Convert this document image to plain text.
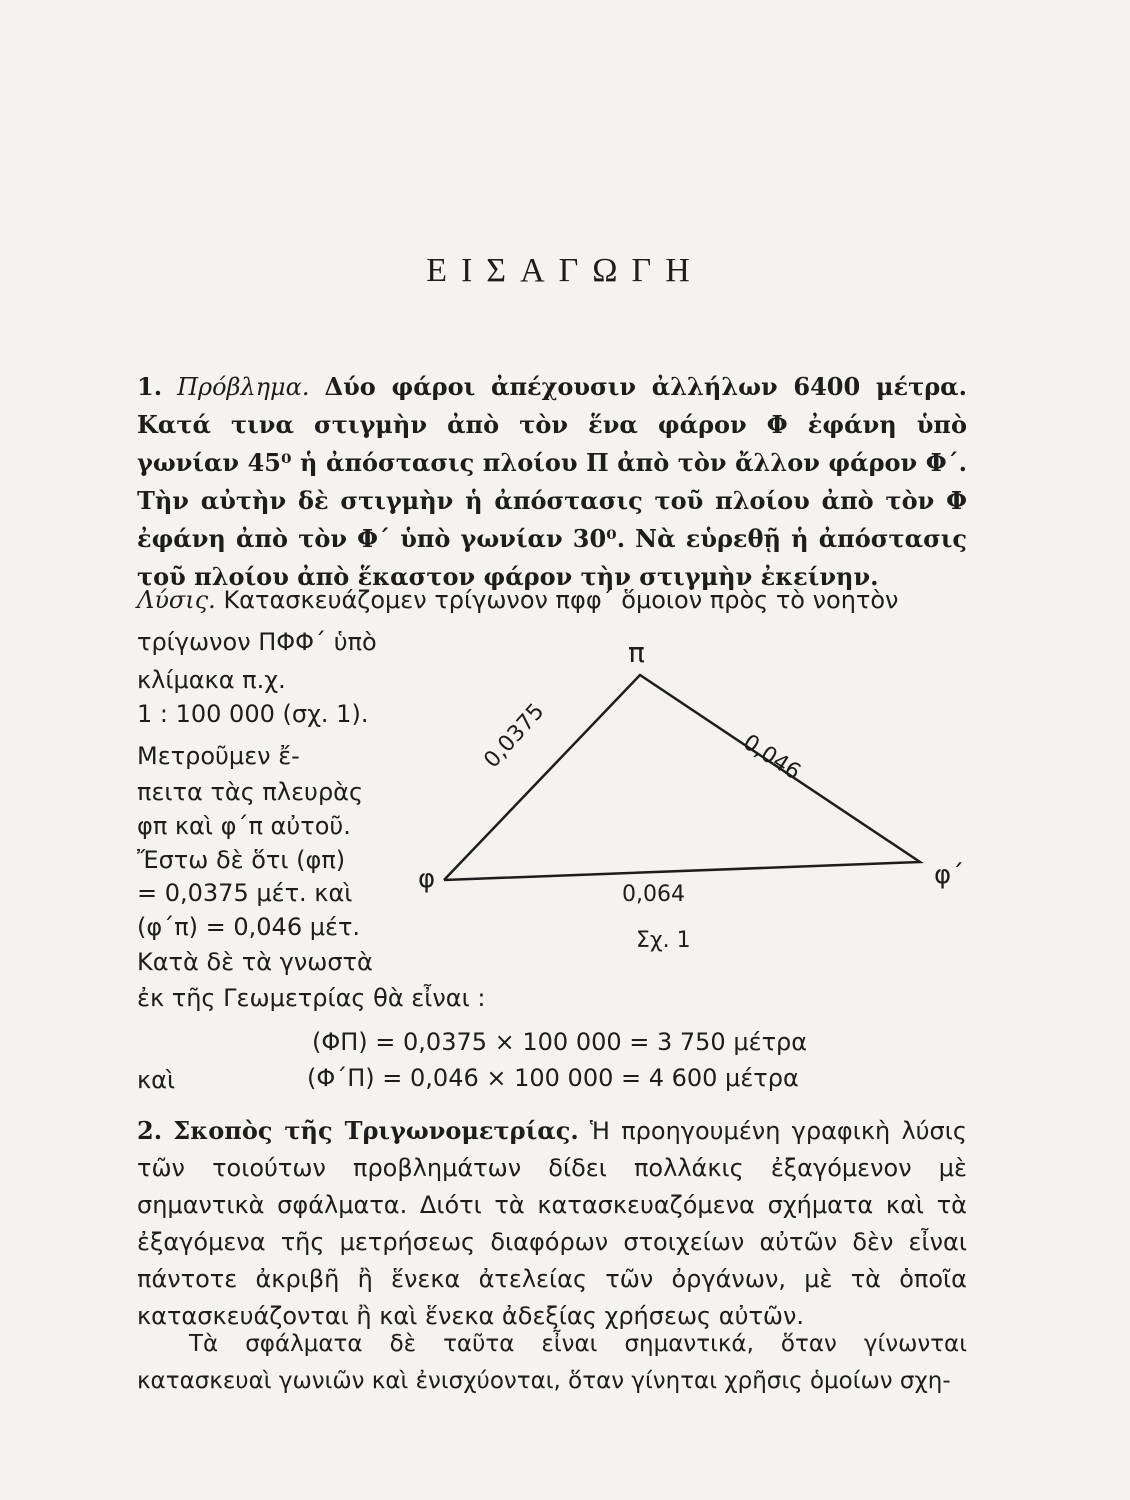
ΕΙΣΑΓΩΓΗ
1. Πρόβλημα. Δύο φάροι ἀπέχουσιν ἀλλήλων 6400 μέτρα. Κατά τινα στιγμὴν ἀπὸ τὸν ἕνα φάρον Φ ἐφάνη ὑπὸ γωνίαν 45⁰ ἡ ἀπόστασις πλοίου Π ἀπὸ τὸν ἄλλον φάρον Φ΄. Τὴν αὐτὴν δὲ στιγμὴν ἡ ἀπόστασις τοῦ πλοίου ἀπὸ τὸν Φ ἐφάνη ἀπὸ τὸν Φ΄ ὑπὸ γωνίαν 30⁰. Νὰ εὑρεθῇ ἡ ἀπόστασις τοῦ πλοίου ἀπὸ ἕκαστον φάρον τὴν στιγμὴν ἐκείνην.
Λύσις. Κατασκευάζομεν τρίγωνον πφφ΄ ὅμοιον πρὸς τὸ νοητὸν
τρίγωνον ΠΦΦ΄ ὑπὸ
κλίμακα π.χ.
1 : 100 000 (σχ. 1).
Μετροῦμεν ἔ-
πειτα τὰς πλευρὰς
φπ καὶ φ΄π αὐτοῦ.
Ἔστω δὲ ὅτι (φπ)
= 0,0375 μέτ. καὶ
(φ΄π) = 0,046 μέτ.
Κατὰ δὲ τὰ γνωστὰ
ἐκ τῆς Γεωμετρίας θὰ εἶναι :
(ΦΠ) = 0,0375 × 100 000 = 3 750 μέτρα
καὶ	(Φ΄Π) = 0,046 × 100 000 = 4 600 μέτρα
π
φ	φ΄
0,0375	0,046
0,064
Σχ. 1
2. Σκοπὸς τῆς Τριγωνομετρίας. Ἡ προηγουμένη γραφικὴ λύσις τῶν τοιούτων προβλημάτων δίδει πολλάκις ἐξαγόμενον μὲ σημαντικὰ σφάλματα. Διότι τὰ κατασκευαζόμενα σχήματα καὶ τὰ ἐξαγόμενα τῆς μετρήσεως διαφόρων στοιχείων αὐτῶν δὲν εἶναι πάντοτε ἀκριβῆ ἢ ἕνεκα ἀτελείας τῶν ὀργάνων, μὲ τὰ ὁποῖα κατασκευάζονται ἢ καὶ ἕνεκα ἀδεξίας χρήσεως αὐτῶν.
Τὰ σφάλματα δὲ ταῦτα εἶναι σημαντικά, ὅταν γίνωνται κατασκευαὶ γωνιῶν καὶ ἐνισχύονται, ὅταν γίνηται χρῆσις ὁμοίων σχη-
